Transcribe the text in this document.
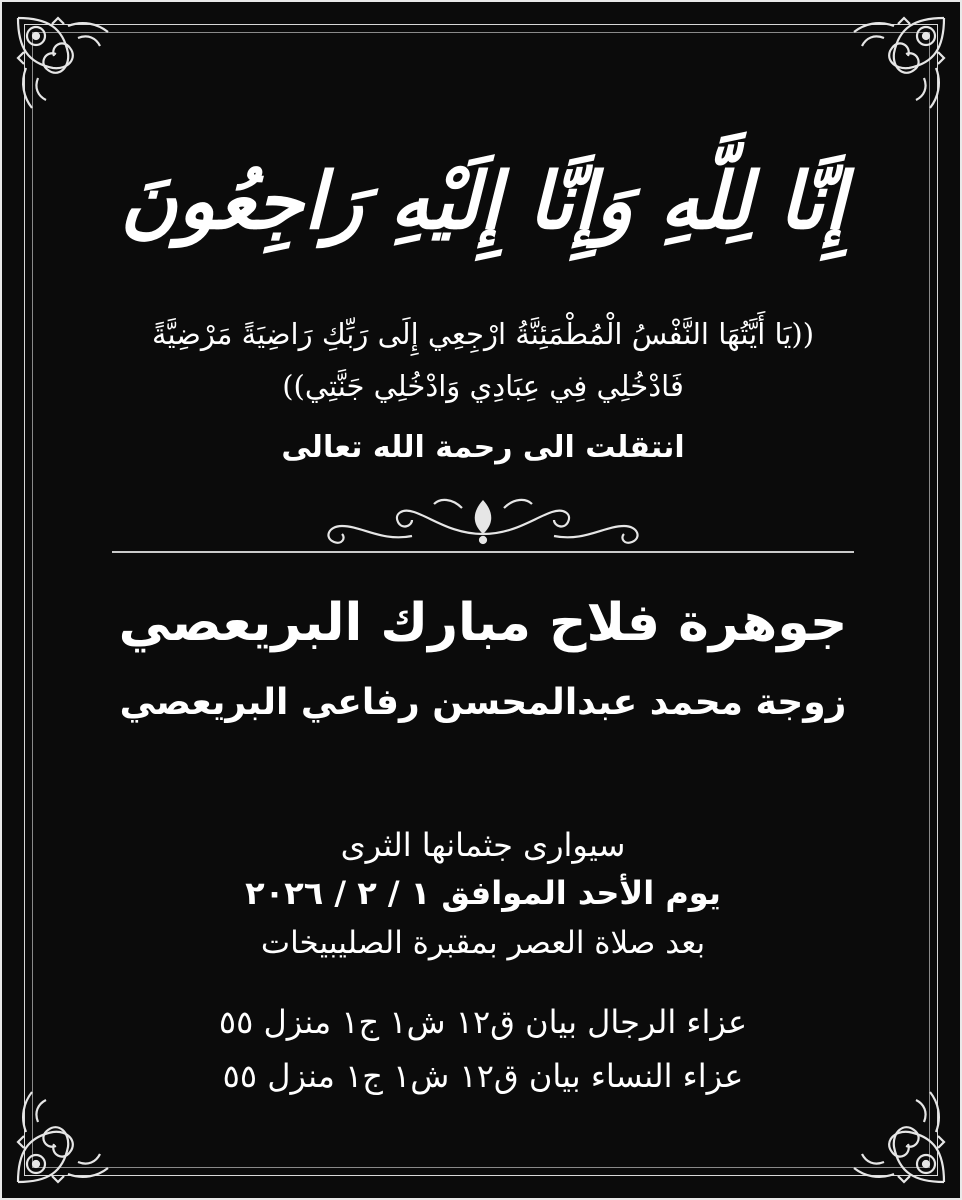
إِنَّا لِلَّهِ وَإِنَّا إِلَيْهِ رَاجِعُونَ
((يَا أَيَّتُهَا النَّفْسُ الْمُطْمَئِنَّةُ ارْجِعِي إِلَى رَبِّكِ رَاضِيَةً مَرْضِيَّةً فَادْخُلِي فِي عِبَادِي وَادْخُلِي جَنَّتِي))
انتقلت الى رحمة الله تعالى
جوهرة فلاح مبارك البريعصي
زوجة محمد عبدالمحسن رفاعي البريعصي
سيوارى جثمانها الثرى
يوم الأحد الموافق ١ / ٢ / ٢٠٢٦
بعد صلاة العصر بمقبرة الصليبيخات
عزاء الرجال بيان ق١٢ ش١ ج١ منزل ٥٥
عزاء النساء بيان ق١٢ ش١ ج١ منزل ٥٥
